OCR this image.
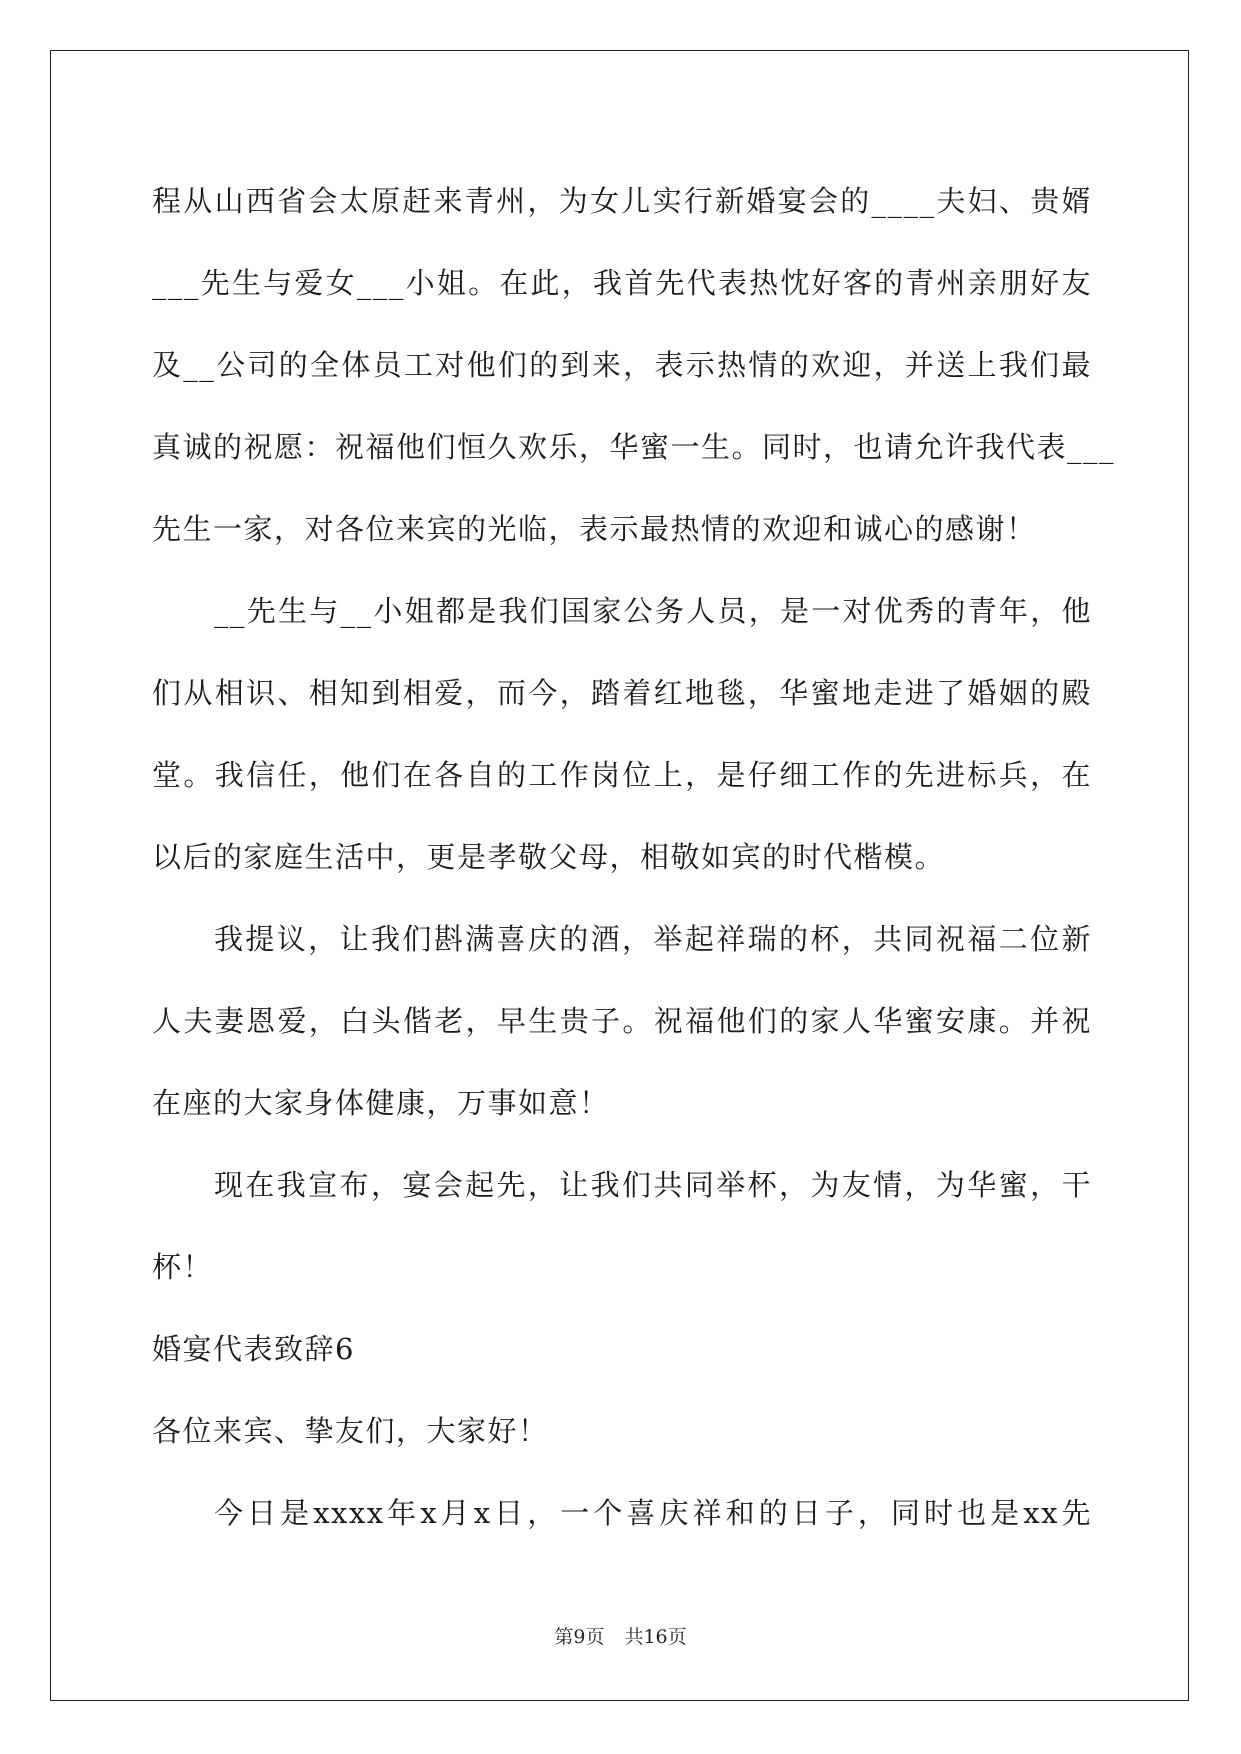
程从山西省会太原赶来青州，为女儿实行新婚宴会的____夫妇、贵婿
___先生与爱女___小姐。在此，我首先代表热忱好客的青州亲朋好友
及__公司的全体员工对他们的到来，表示热情的欢迎，并送上我们最
真诚的祝愿：祝福他们恒久欢乐，华蜜一生。同时，也请允许我代表___
先生一家，对各位来宾的光临，表示最热情的欢迎和诚心的感谢！
__先生与__小姐都是我们国家公务人员，是一对优秀的青年，他
们从相识、相知到相爱，而今，踏着红地毯，华蜜地走进了婚姻的殿
堂。我信任，他们在各自的工作岗位上，是仔细工作的先进标兵，在
以后的家庭生活中，更是孝敬父母，相敬如宾的时代楷模。
我提议，让我们斟满喜庆的酒，举起祥瑞的杯，共同祝福二位新
人夫妻恩爱，白头偕老，早生贵子。祝福他们的家人华蜜安康。并祝
在座的大家身体健康，万事如意！
现在我宣布，宴会起先，让我们共同举杯，为友情，为华蜜，干
杯！
婚宴代表致辞6
各位来宾、挚友们，大家好！
今日是xxxx年x月x日，一个喜庆祥和的日子，同时也是xx先
第9页 共16页
